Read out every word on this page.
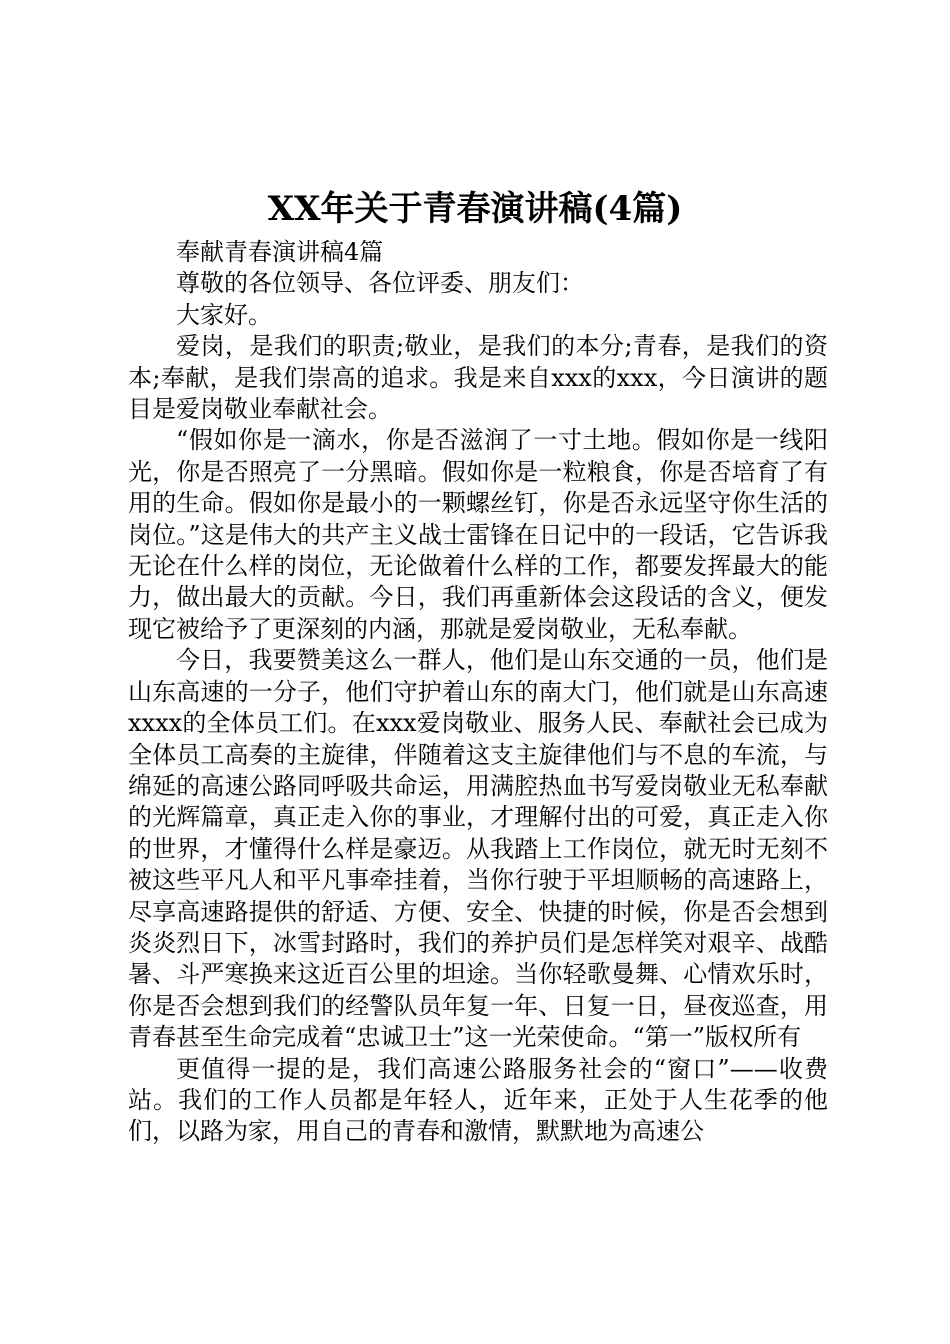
XX年关于青春演讲稿(4篇)

奉献青春演讲稿4篇

尊敬的各位领导、各位评委、朋友们：

大家好。

爱岗，是我们的职责;敬业，是我们的本分;青春，是我们的资本;奉献，是我们崇高的追求。我是来自xxx的xxx，今日演讲的题目是爱岗敬业奉献社会。

“假如你是一滴水，你是否滋润了一寸土地。假如你是一线阳光，你是否照亮了一分黑暗。假如你是一粒粮食，你是否培育了有用的生命。假如你是最小的一颗螺丝钉，你是否永远坚守你生活的岗位。”这是伟大的共产主义战士雷锋在日记中的一段话，它告诉我无论在什么样的岗位，无论做着什么样的工作，都要发挥最大的能力，做出最大的贡献。今日，我们再重新体会这段话的含义，便发现它被给予了更深刻的内涵，那就是爱岗敬业，无私奉献。

今日，我要赞美这么一群人，他们是山东交通的一员，他们是山东高速的一分子，他们守护着山东的南大门，他们就是山东高速xxxx的全体员工们。在xxx爱岗敬业、服务人民、奉献社会已成为全体员工高奏的主旋律，伴随着这支主旋律他们与不息的车流，与绵延的高速公路同呼吸共命运，用满腔热血书写爱岗敬业无私奉献的光辉篇章，真正走入你的事业，才理解付出的可爱，真正走入你的世界，才懂得什么样是豪迈。从我踏上工作岗位，就无时无刻不被这些平凡人和平凡事牵挂着，当你行驶于平坦顺畅的高速路上，尽享高速路提供的舒适、方便、安全、快捷的时候，你是否会想到炎炎烈日下，冰雪封路时，我们的养护员们是怎样笑对艰辛、战酷暑、斗严寒换来这近百公里的坦途。当你轻歌曼舞、心情欢乐时，你是否会想到我们的经警队员年复一年、日复一日，昼夜巡查，用青春甚至生命完成着“忠诚卫士”这一光荣使命。“第一”版权所有

更值得一提的是，我们高速公路服务社会的“窗口”——收费站。我们的工作人员都是年轻人，近年来，正处于人生花季的他们，以路为家，用自己的青春和激情，默默地为高速公
